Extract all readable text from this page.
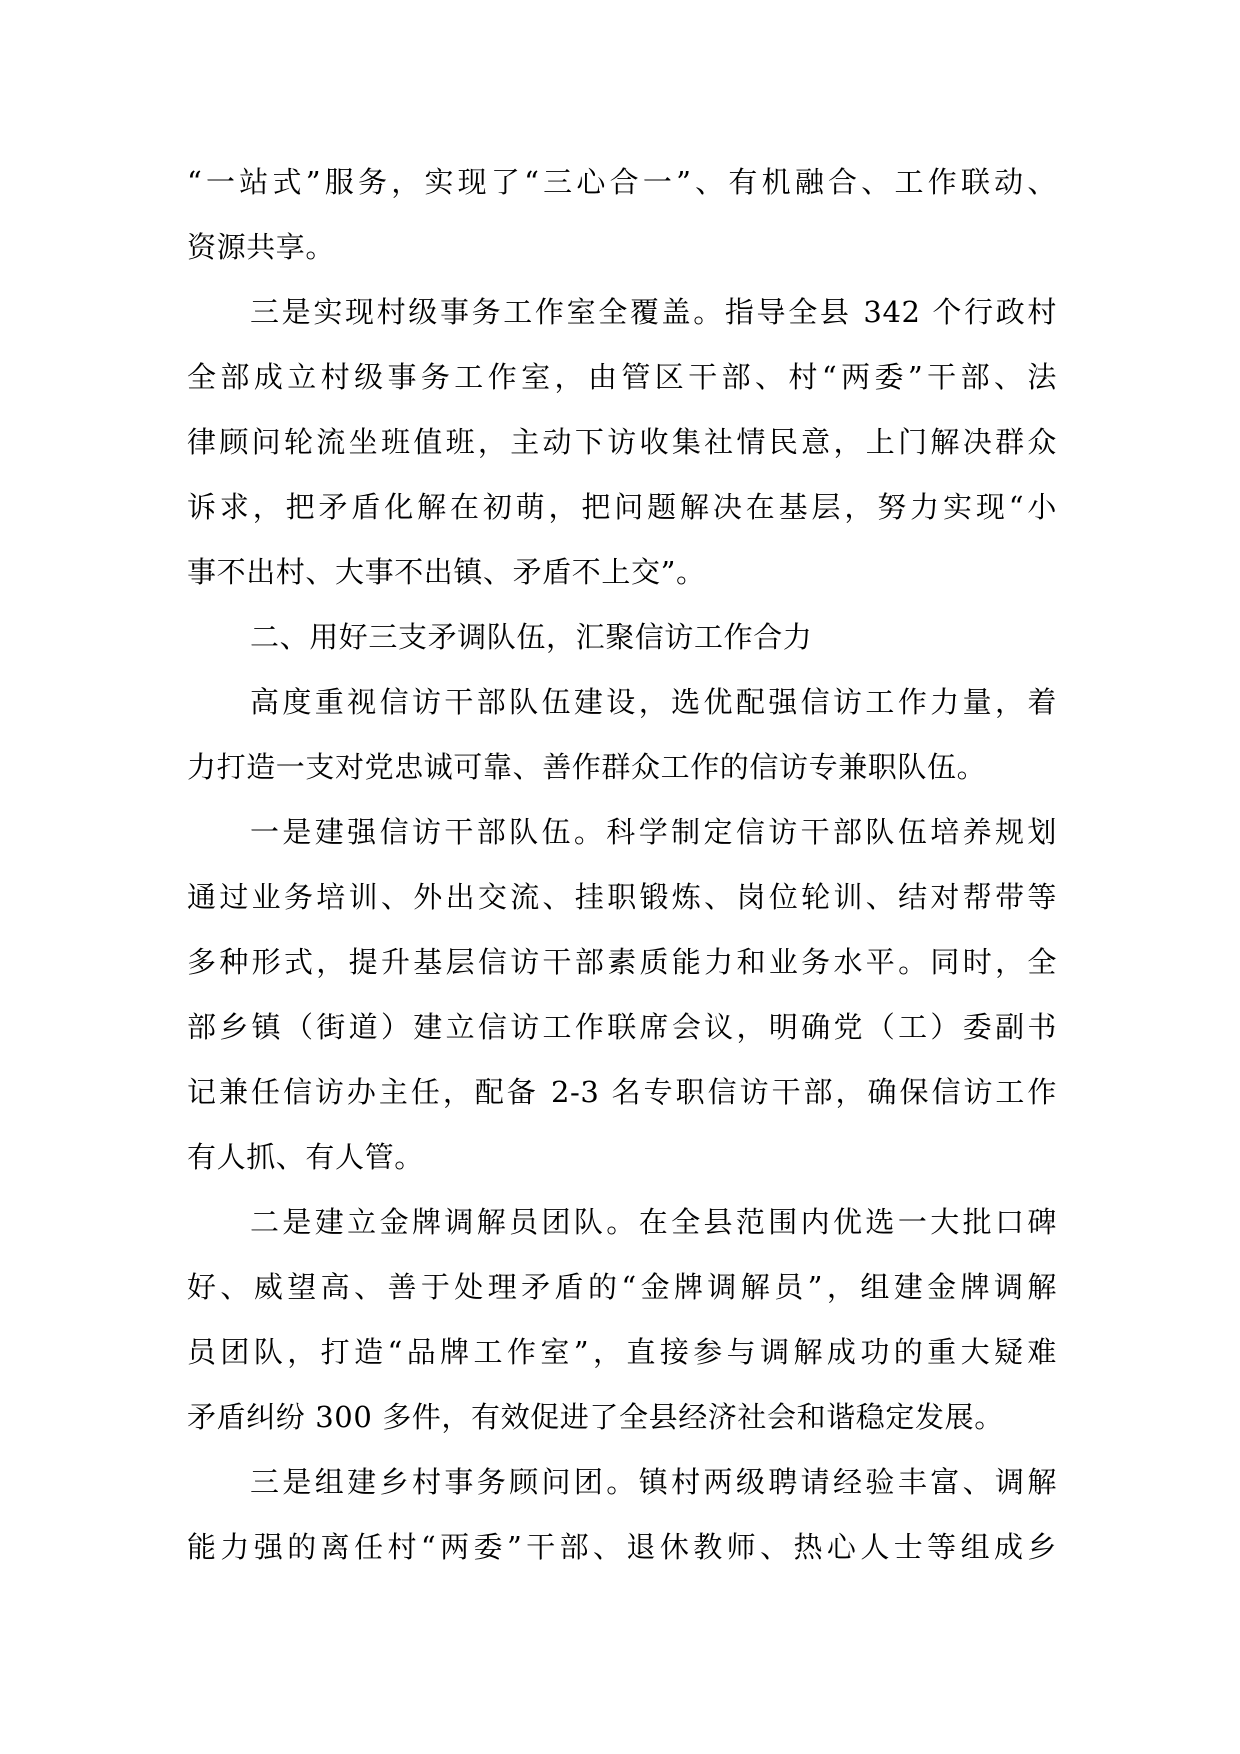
“一站式”服务，实现了“三心合一”、有机融合、工作联动、
资源共享。
三是实现村级事务工作室全覆盖。指导全县 342 个行政村
全部成立村级事务工作室，由管区干部、村“两委”干部、法
律顾问轮流坐班值班，主动下访收集社情民意，上门解决群众
诉求，把矛盾化解在初萌，把问题解决在基层，努力实现“小
事不出村、大事不出镇、矛盾不上交”。
二、用好三支矛调队伍，汇聚信访工作合力
高度重视信访干部队伍建设，选优配强信访工作力量，着
力打造一支对党忠诚可靠、善作群众工作的信访专兼职队伍。
一是建强信访干部队伍。科学制定信访干部队伍培养规划
通过业务培训、外出交流、挂职锻炼、岗位轮训、结对帮带等
多种形式，提升基层信访干部素质能力和业务水平。同时，全
部乡镇（街道）建立信访工作联席会议，明确党（工）委副书
记兼任信访办主任，配备 2-3 名专职信访干部，确保信访工作
有人抓、有人管。
二是建立金牌调解员团队。在全县范围内优选一大批口碑
好、威望高、善于处理矛盾的“金牌调解员”，组建金牌调解
员团队，打造“品牌工作室”，直接参与调解成功的重大疑难
矛盾纠纷 300 多件，有效促进了全县经济社会和谐稳定发展。
三是组建乡村事务顾问团。镇村两级聘请经验丰富、调解
能力强的离任村“两委”干部、退休教师、热心人士等组成乡
